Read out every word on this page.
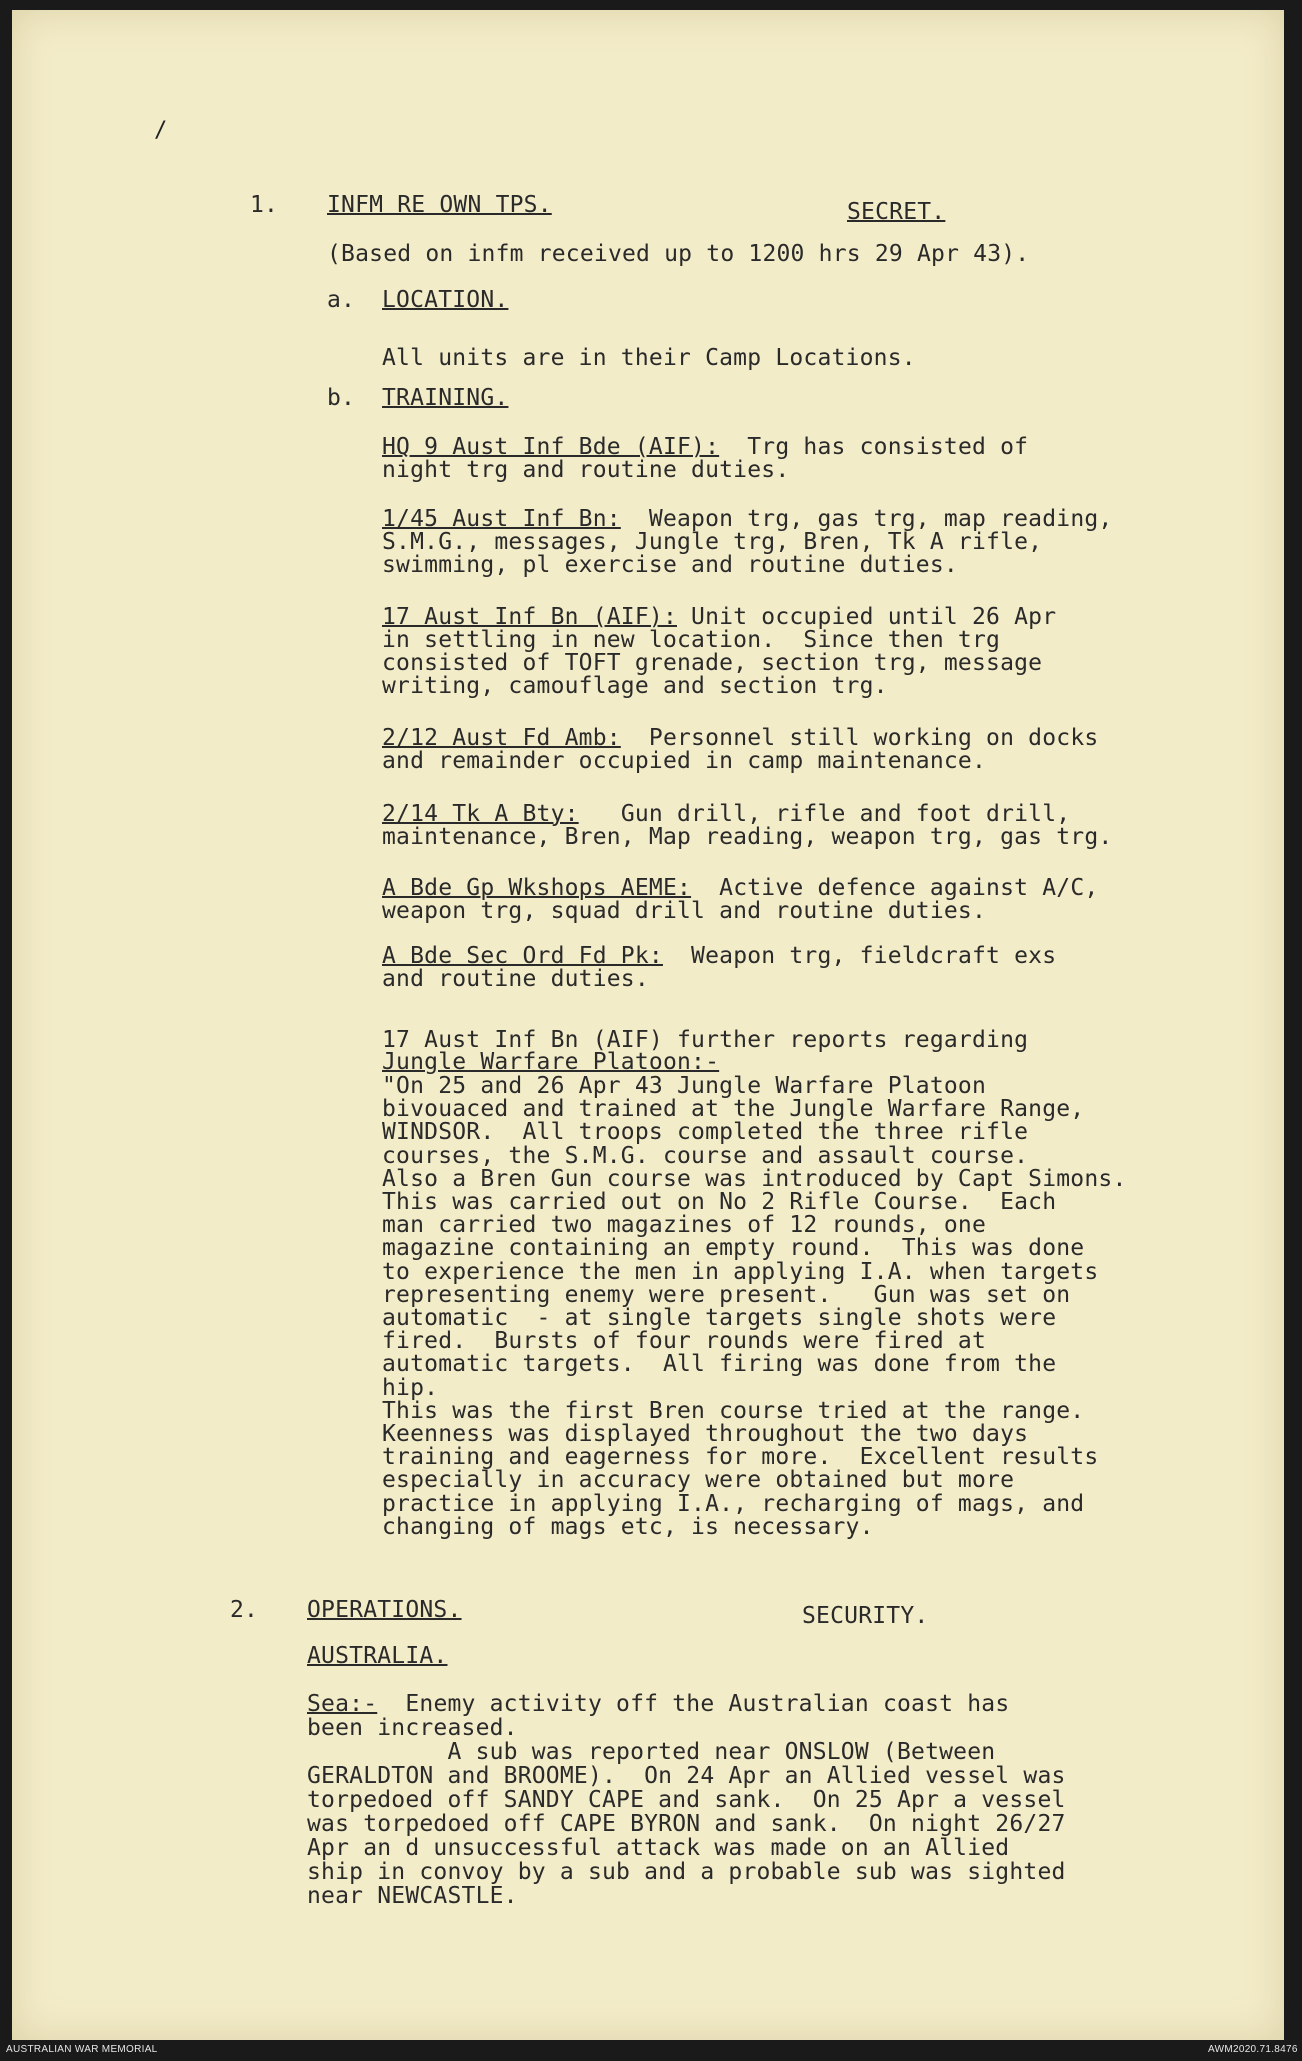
/
1. INFM RE OWN TPS.	SECRET.
(Based on infm received up to 1200 hrs 29 Apr 43).
a. LOCATION.
All units are in their Camp Locations.
b. TRAINING.
17 Aust Inf Bn (AIF) further reports regarding
Jungle Warfare Platoon:-
2. OPERATIONS.	SECURITY.
AUSTRALIA.
HQ 9 Aust Inf Bde (AIF):  Trg has consisted of
night trg and routine duties.
1/45 Aust Inf Bn:  Weapon trg, gas trg, map reading,
S.M.G., messages, Jungle trg, Bren, Tk A rifle,
swimming, pl exercise and routine duties.
17 Aust Inf Bn (AIF): Unit occupied until 26 Apr
in settling in new location.  Since then trg
consisted of TOFT grenade, section trg, message
writing, camouflage and section trg.
2/12 Aust Fd Amb:  Personnel still working on docks
and remainder occupied in camp maintenance.
2/14 Tk A Bty:   Gun drill, rifle and foot drill,
maintenance, Bren, Map reading, weapon trg, gas trg.
A Bde Gp Wkshops AEME:  Active defence against A/C,
weapon trg, squad drill and routine duties.
A Bde Sec Ord Fd Pk:  Weapon trg, fieldcraft exs
and routine duties.
"On 25 and 26 Apr 43 Jungle Warfare Platoon
bivouaced and trained at the Jungle Warfare Range,
WINDSOR.  All troops completed the three rifle
courses, the S.M.G. course and assault course.
Also a Bren Gun course was introduced by Capt Simons.
This was carried out on No 2 Rifle Course.  Each
man carried two magazines of 12 rounds, one
magazine containing an empty round.  This was done
to experience the men in applying I.A. when targets
representing enemy were present.   Gun was set on
automatic  - at single targets single shots were
fired.  Bursts of four rounds were fired at
automatic targets.  All firing was done from the
hip.
This was the first Bren course tried at the range.
Keenness was displayed throughout the two days
training and eagerness for more.  Excellent results
especially in accuracy were obtained but more
practice in applying I.A., recharging of mags, and
changing of mags etc, is necessary.
Sea:-  Enemy activity off the Australian coast has
been increased.
A sub was reported near ONSLOW (Between
GERALDTON and BROOME).  On 24 Apr an Allied vessel was
torpedoed off SANDY CAPE and sank.  On 25 Apr a vessel
was torpedoed off CAPE BYRON and sank.  On night 26/27
Apr an d unsuccessful attack was made on an Allied
ship in convoy by a sub and a probable sub was sighted
near NEWCASTLE.
AUSTRALIAN WAR MEMORIAL	AWM2020.71.8476
